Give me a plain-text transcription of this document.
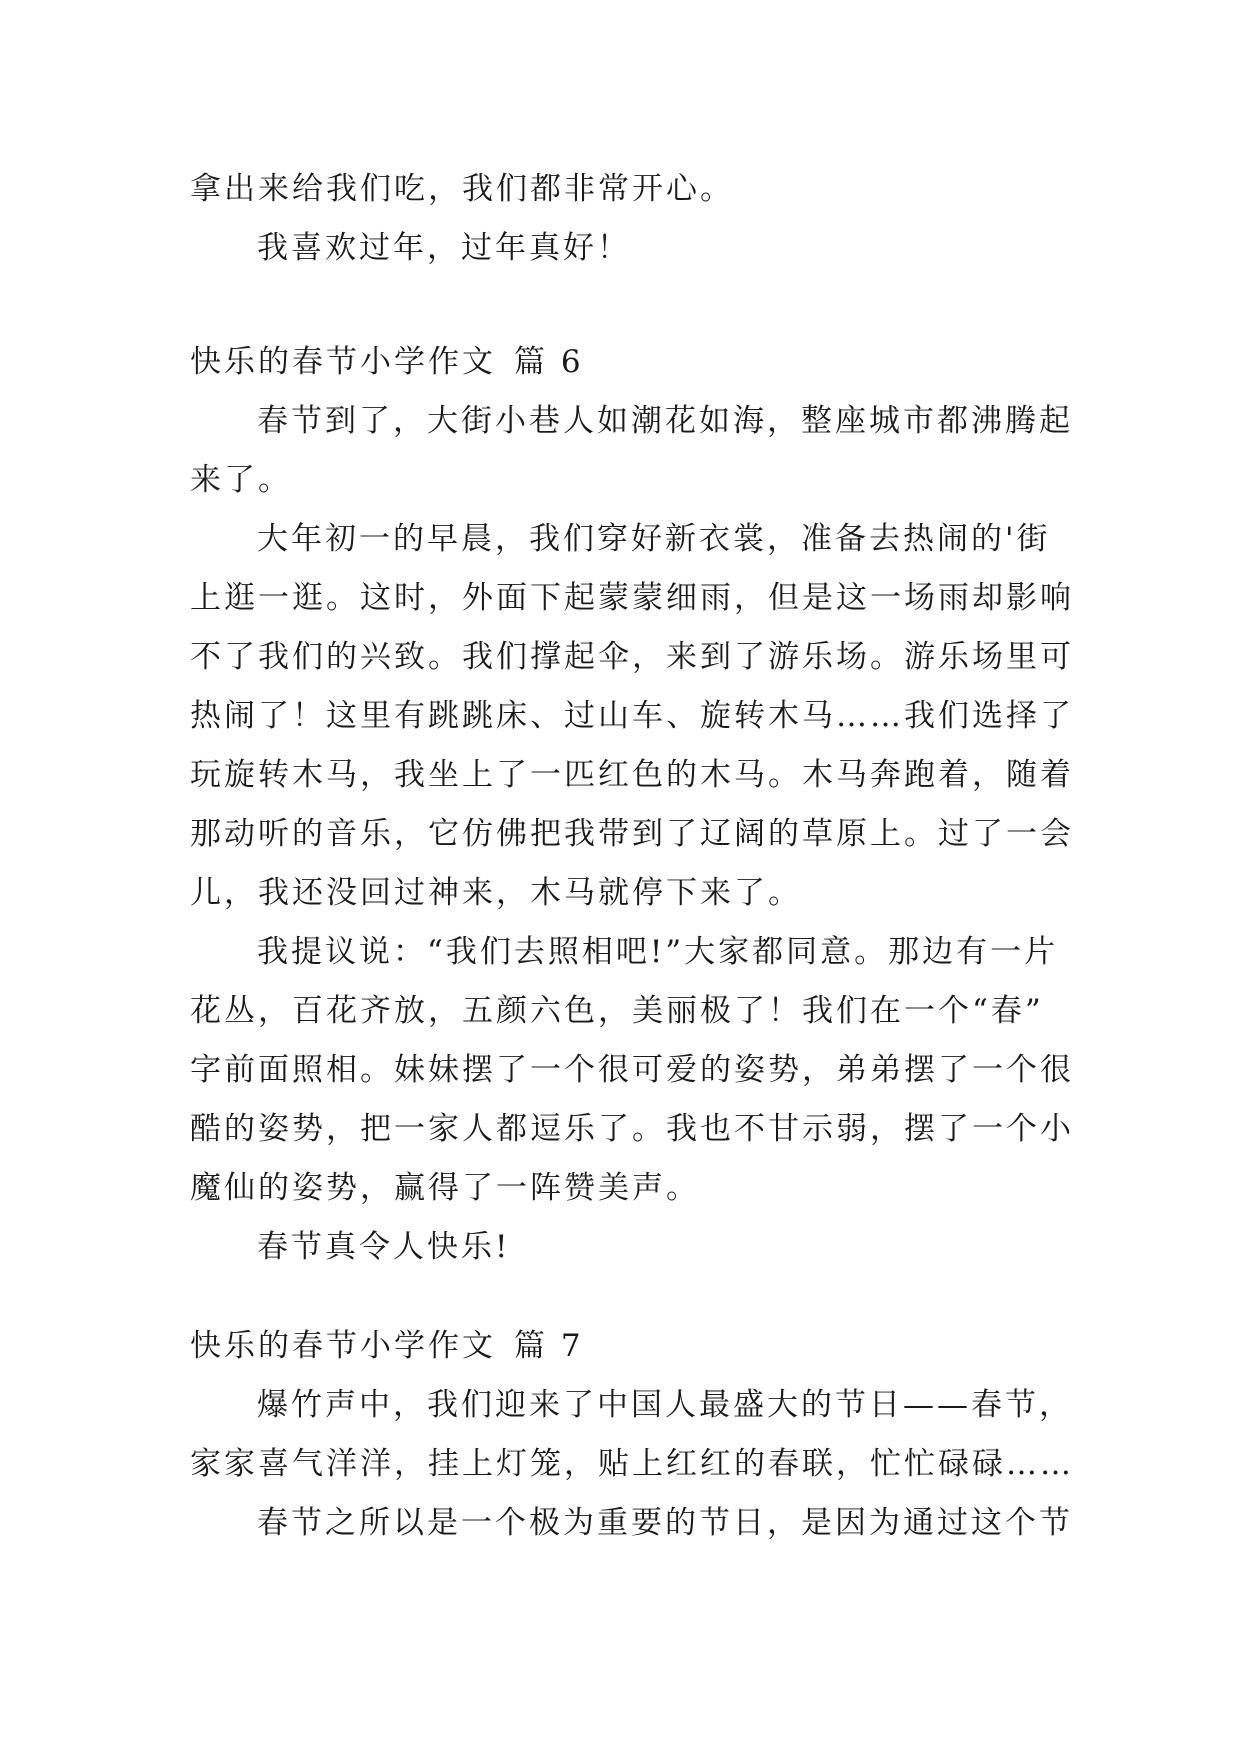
拿出来给我们吃，我们都非常开心。
我喜欢过年，过年真好！
快乐的春节小学作文 篇 6
春节到了，大街小巷人如潮花如海，整座城市都沸腾起
来了。
大年初一的早晨，我们穿好新衣裳，准备去热闹的'街
上逛一逛。这时，外面下起蒙蒙细雨，但是这一场雨却影响
不了我们的兴致。我们撑起伞，来到了游乐场。游乐场里可
热闹了！这里有跳跳床、过山车、旋转木马……我们选择了
玩旋转木马，我坐上了一匹红色的木马。木马奔跑着，随着
那动听的音乐，它仿佛把我带到了辽阔的草原上。过了一会
儿，我还没回过神来，木马就停下来了。
我提议说：“我们去照相吧!”大家都同意。那边有一片
花丛，百花齐放，五颜六色，美丽极了！我们在一个“春”
字前面照相。妹妹摆了一个很可爱的姿势，弟弟摆了一个很
酷的姿势，把一家人都逗乐了。我也不甘示弱，摆了一个小
魔仙的姿势，赢得了一阵赞美声。
春节真令人快乐!
快乐的春节小学作文 篇 7
爆竹声中，我们迎来了中国人最盛大的节日——春节，
家家喜气洋洋，挂上灯笼，贴上红红的春联，忙忙碌碌……
春节之所以是一个极为重要的节日，是因为通过这个节
